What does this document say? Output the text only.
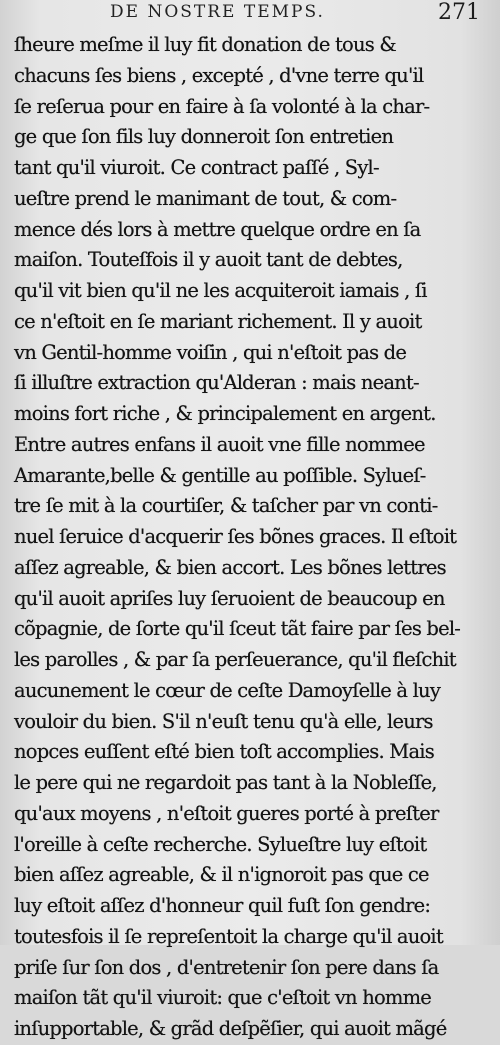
DE NOSTRE TEMPS.	271
ſheure meſme il luy fit donation de tous &
chacuns ſes biens , excepté , d'vne terre qu'il
ſe reſerua pour en faire à ſa volonté à la char-
ge que ſon fils luy donneroit ſon entretien
tant qu'il viuroit. Ce contract paſſé , Syl-
ueſtre prend le manimant de tout, & com-
mence dés lors à mettre quelque ordre en ſa
maiſon. Touteſfois il y auoit tant de debtes,
qu'il vit bien qu'il ne les acquiteroit iamais , ſi
ce n'eſtoit en ſe mariant richement. Il y auoit
vn Gentil-homme voiſin , qui n'eſtoit pas de
ſi illuſtre extraction qu'Alderan : mais neant-
moins fort riche , & principalement en argent.
Entre autres enfans il auoit vne fille nommee
Amarante,belle & gentille au poſſible. Sylueſ-
tre ſe mit à la courtiſer, & taſcher par vn conti-
nuel ſeruice d'acquerir ſes bõnes graces. Il eſtoit
aſſez agreable, & bien accort. Les bõnes lettres
qu'il auoit apriſes luy ſeruoient de beaucoup en
cõpagnie, de ſorte qu'il ſceut tãt faire par ſes bel-
les parolles , & par ſa perſeuerance, qu'il fleſchit
aucunement le cœur de ceſte Damoyſelle à luy
vouloir du bien. S'il n'euſt tenu qu'à elle, leurs
nopces euſſent eſté bien toſt accomplies. Mais
le pere qui ne regardoit pas tant à la Nobleſſe,
qu'aux moyens , n'eſtoit gueres porté à preſter
l'oreille à ceſte recherche. Sylueſtre luy eſtoit
bien aſſez agreable, & il n'ignoroit pas que ce
luy eſtoit aſſez d'honneur quil fuſt ſon gendre:
toutesfois il ſe repreſentoit la charge qu'il auoit
priſe ſur ſon dos , d'entretenir ſon pere dans ſa
maiſon tãt qu'il viuroit: que c'eſtoit vn homme
inſupportable, & grãd deſpẽſier, qui auoit mãgé
